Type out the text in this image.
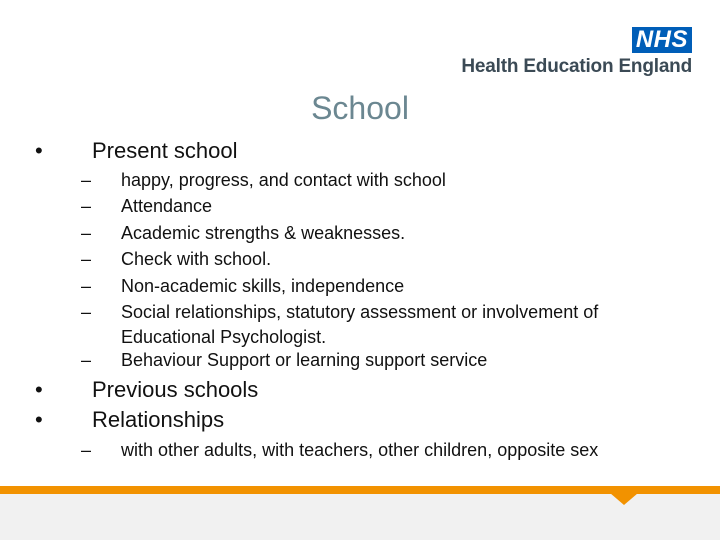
NHS
Health Education England
School
• Present school
– happy, progress, and contact with school
– Attendance
– Academic strengths & weaknesses.
– Check with school.
– Non-academic skills, independence
– Social relationships, statutory assessment or involvement of Educational Psychologist.
– Behaviour Support or learning support service
• Previous schools
• Relationships
– with other adults, with teachers, other children, opposite sex
